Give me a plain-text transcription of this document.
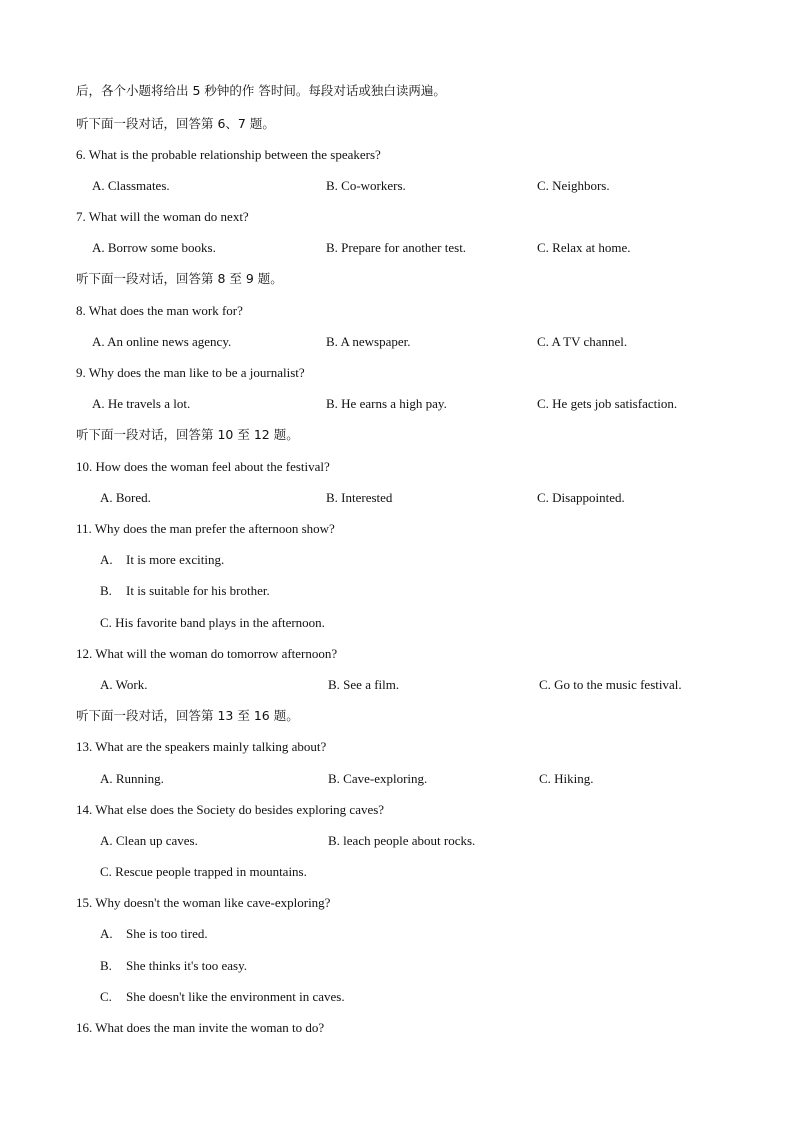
后，各个小题将给出 5 秒钟的作 答时间。每段对话或独白读两遍。
听下面一段对话，回答第 6、7 题。
6. What is the probable relationship between the speakers?
A. Classmates.	B. Co-workers.	C. Neighbors.
7. What will the woman do next?
A. Borrow some books.	B. Prepare for another test.	C. Relax at home.
听下面一段对话，回答第 8 至 9 题。
8. What does the man work for?
A. An online news agency.	B. A newspaper.	C. A TV channel.
9. Why does the man like to be a journalist?
A. He travels a lot.	B. He earns a high pay.	C. He gets job satisfaction.
听下面一段对话，回答第 10 至 12 题。
10. How does the woman feel about the festival?
A. Bored.	B. Interested	C. Disappointed.
11. Why does the man prefer the afternoon show?
A. It is more exciting.
B. It is suitable for his brother.
C. His favorite band plays in the afternoon.
12. What will the woman do tomorrow afternoon?
A. Work.	B. See a film.	C. Go to the music festival.
听下面一段对话，回答第 13 至 16 题。
13. What are the speakers mainly talking about?
A. Running.	B. Cave-exploring.	C. Hiking.
14. What else does the Society do besides exploring caves?
A. Clean up caves.	B. leach people about rocks.
C. Rescue people trapped in mountains.
15. Why doesn't the woman like cave-exploring?
A. She is too tired.
B. She thinks it's too easy.
C. She doesn't like the environment in caves.
16. What does the man invite the woman to do?
